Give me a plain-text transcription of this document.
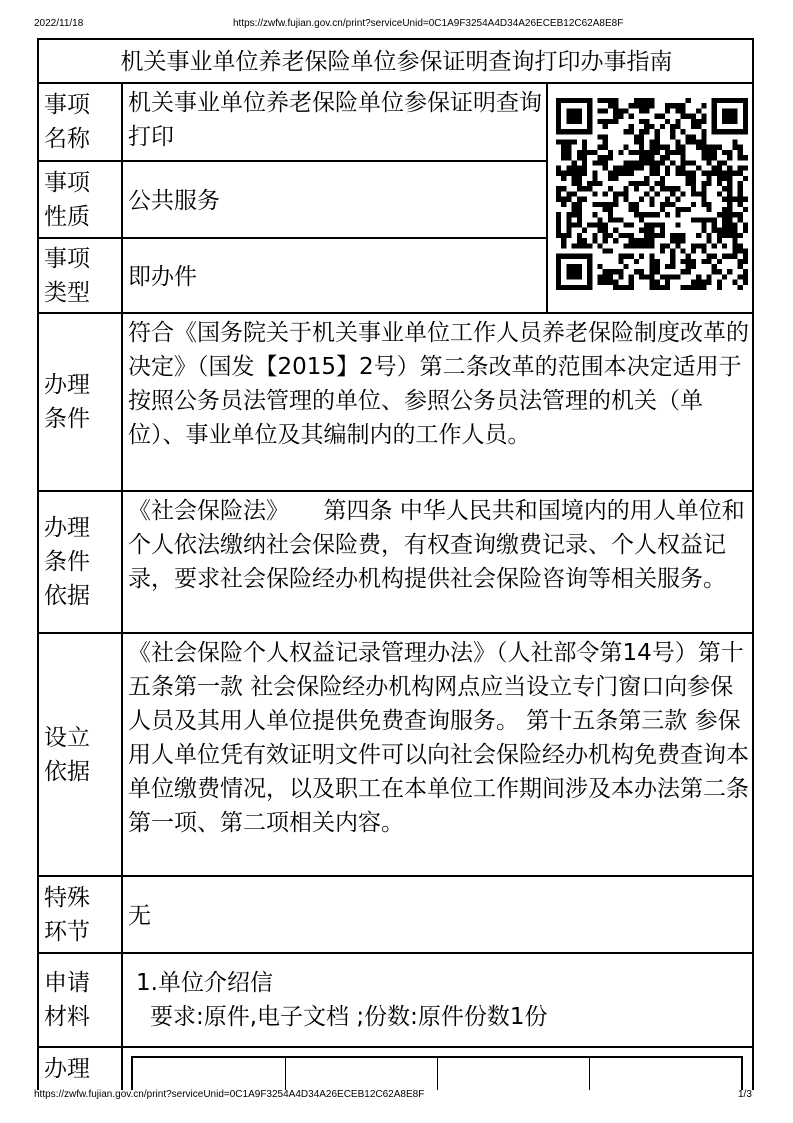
2022/11/18	https://zwfw.fujian.gov.cn/print?serviceUnid=0C1A9F3254A4D34A26ECEB12C62A8E8F
机关事业单位养老保险单位参保证明查询打印办事指南
事项
名称
机关事业单位养老保险单位参保证明查询打印
事项
性质
公共服务
事项
类型
即办件
办理
条件
符合《国务院关于机关事业单位工作人员养老保险制度改革的决定》（国发【2015】2号）第二条改革的范围本决定适用于按照公务员法管理的单位、参照公务员法管理的机关（单位）、事业单位及其编制内的工作人员。
办理
条件
依据
《社会保险法》　　第四条 中华人民共和国境内的用人单位和个人依法缴纳社会保险费，有权查询缴费记录、个人权益记录，要求社会保险经办机构提供社会保险咨询等相关服务。
设立
依据
《社会保险个人权益记录管理办法》（人社部令第14号）第十五条第一款 社会保险经办机构网点应当设立专门窗口向参保人员及其用人单位提供免费查询服务。 第十五条第三款 参保用人单位凭有效证明文件可以向社会保险经办机构免费查询本单位缴费情况，以及职工在本单位工作期间涉及本办法第二条第一项、第二项相关内容。
特殊
环节
无
申请
材料
1.单位介绍信
要求:原件,电子文档 ;份数:原件份数1份
办理
https://zwfw.fujian.gov.cn/print?serviceUnid=0C1A9F3254A4D34A26ECEB12C62A8E8F	1/3
